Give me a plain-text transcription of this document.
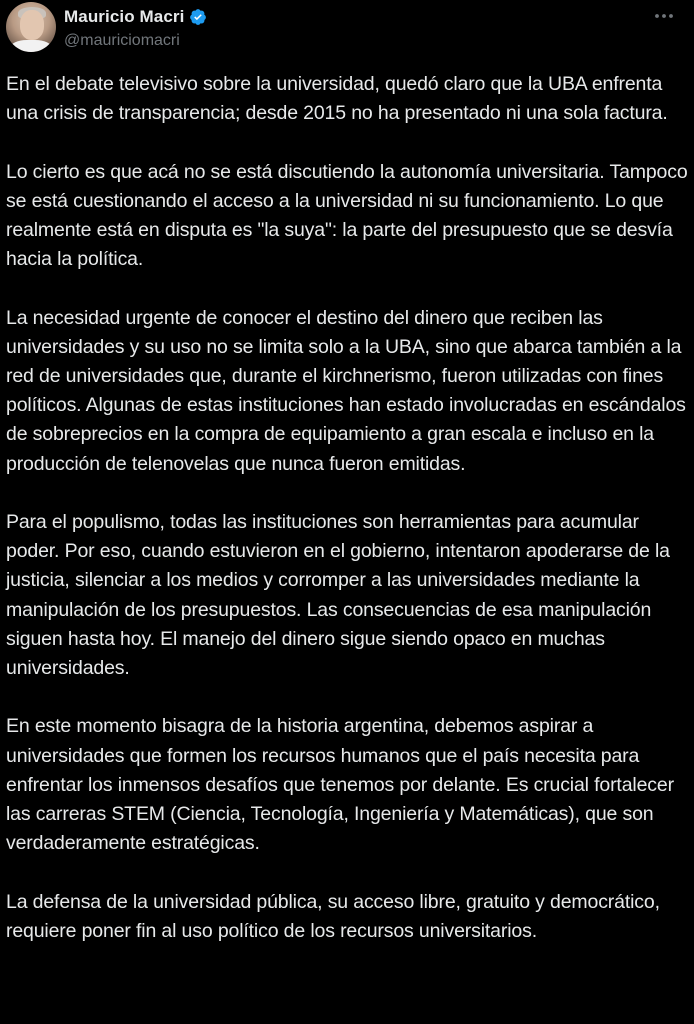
Mauricio Macri
@mauriciomacri

En el debate televisivo sobre la universidad, quedó claro que la UBA enfrenta una crisis de transparencia; desde 2015 no ha presentado ni una sola factura.

Lo cierto es que acá no se está discutiendo la autonomía universitaria. Tampoco se está cuestionando el acceso a la universidad ni su funcionamiento. Lo que realmente está en disputa es "la suya": la parte del presupuesto que se desvía hacia la política.

La necesidad urgente de conocer el destino del dinero que reciben las universidades y su uso no se limita solo a la UBA, sino que abarca también a la red de universidades que, durante el kirchnerismo, fueron utilizadas con fines políticos. Algunas de estas instituciones han estado involucradas en escándalos de sobreprecios en la compra de equipamiento a gran escala e incluso en la producción de telenovelas que nunca fueron emitidas.

Para el populismo, todas las instituciones son herramientas para acumular poder. Por eso, cuando estuvieron en el gobierno, intentaron apoderarse de la justicia, silenciar a los medios y corromper a las universidades mediante la manipulación de los presupuestos. Las consecuencias de esa manipulación siguen hasta hoy. El manejo del dinero sigue siendo opaco en muchas universidades.

En este momento bisagra de la historia argentina, debemos aspirar a universidades que formen los recursos humanos que el país necesita para enfrentar los inmensos desafíos que tenemos por delante. Es crucial fortalecer las carreras STEM (Ciencia, Tecnología, Ingeniería y Matemáticas), que son verdaderamente estratégicas.

La defensa de la universidad pública, su acceso libre, gratuito y democrático, requiere poner fin al uso político de los recursos universitarios.
